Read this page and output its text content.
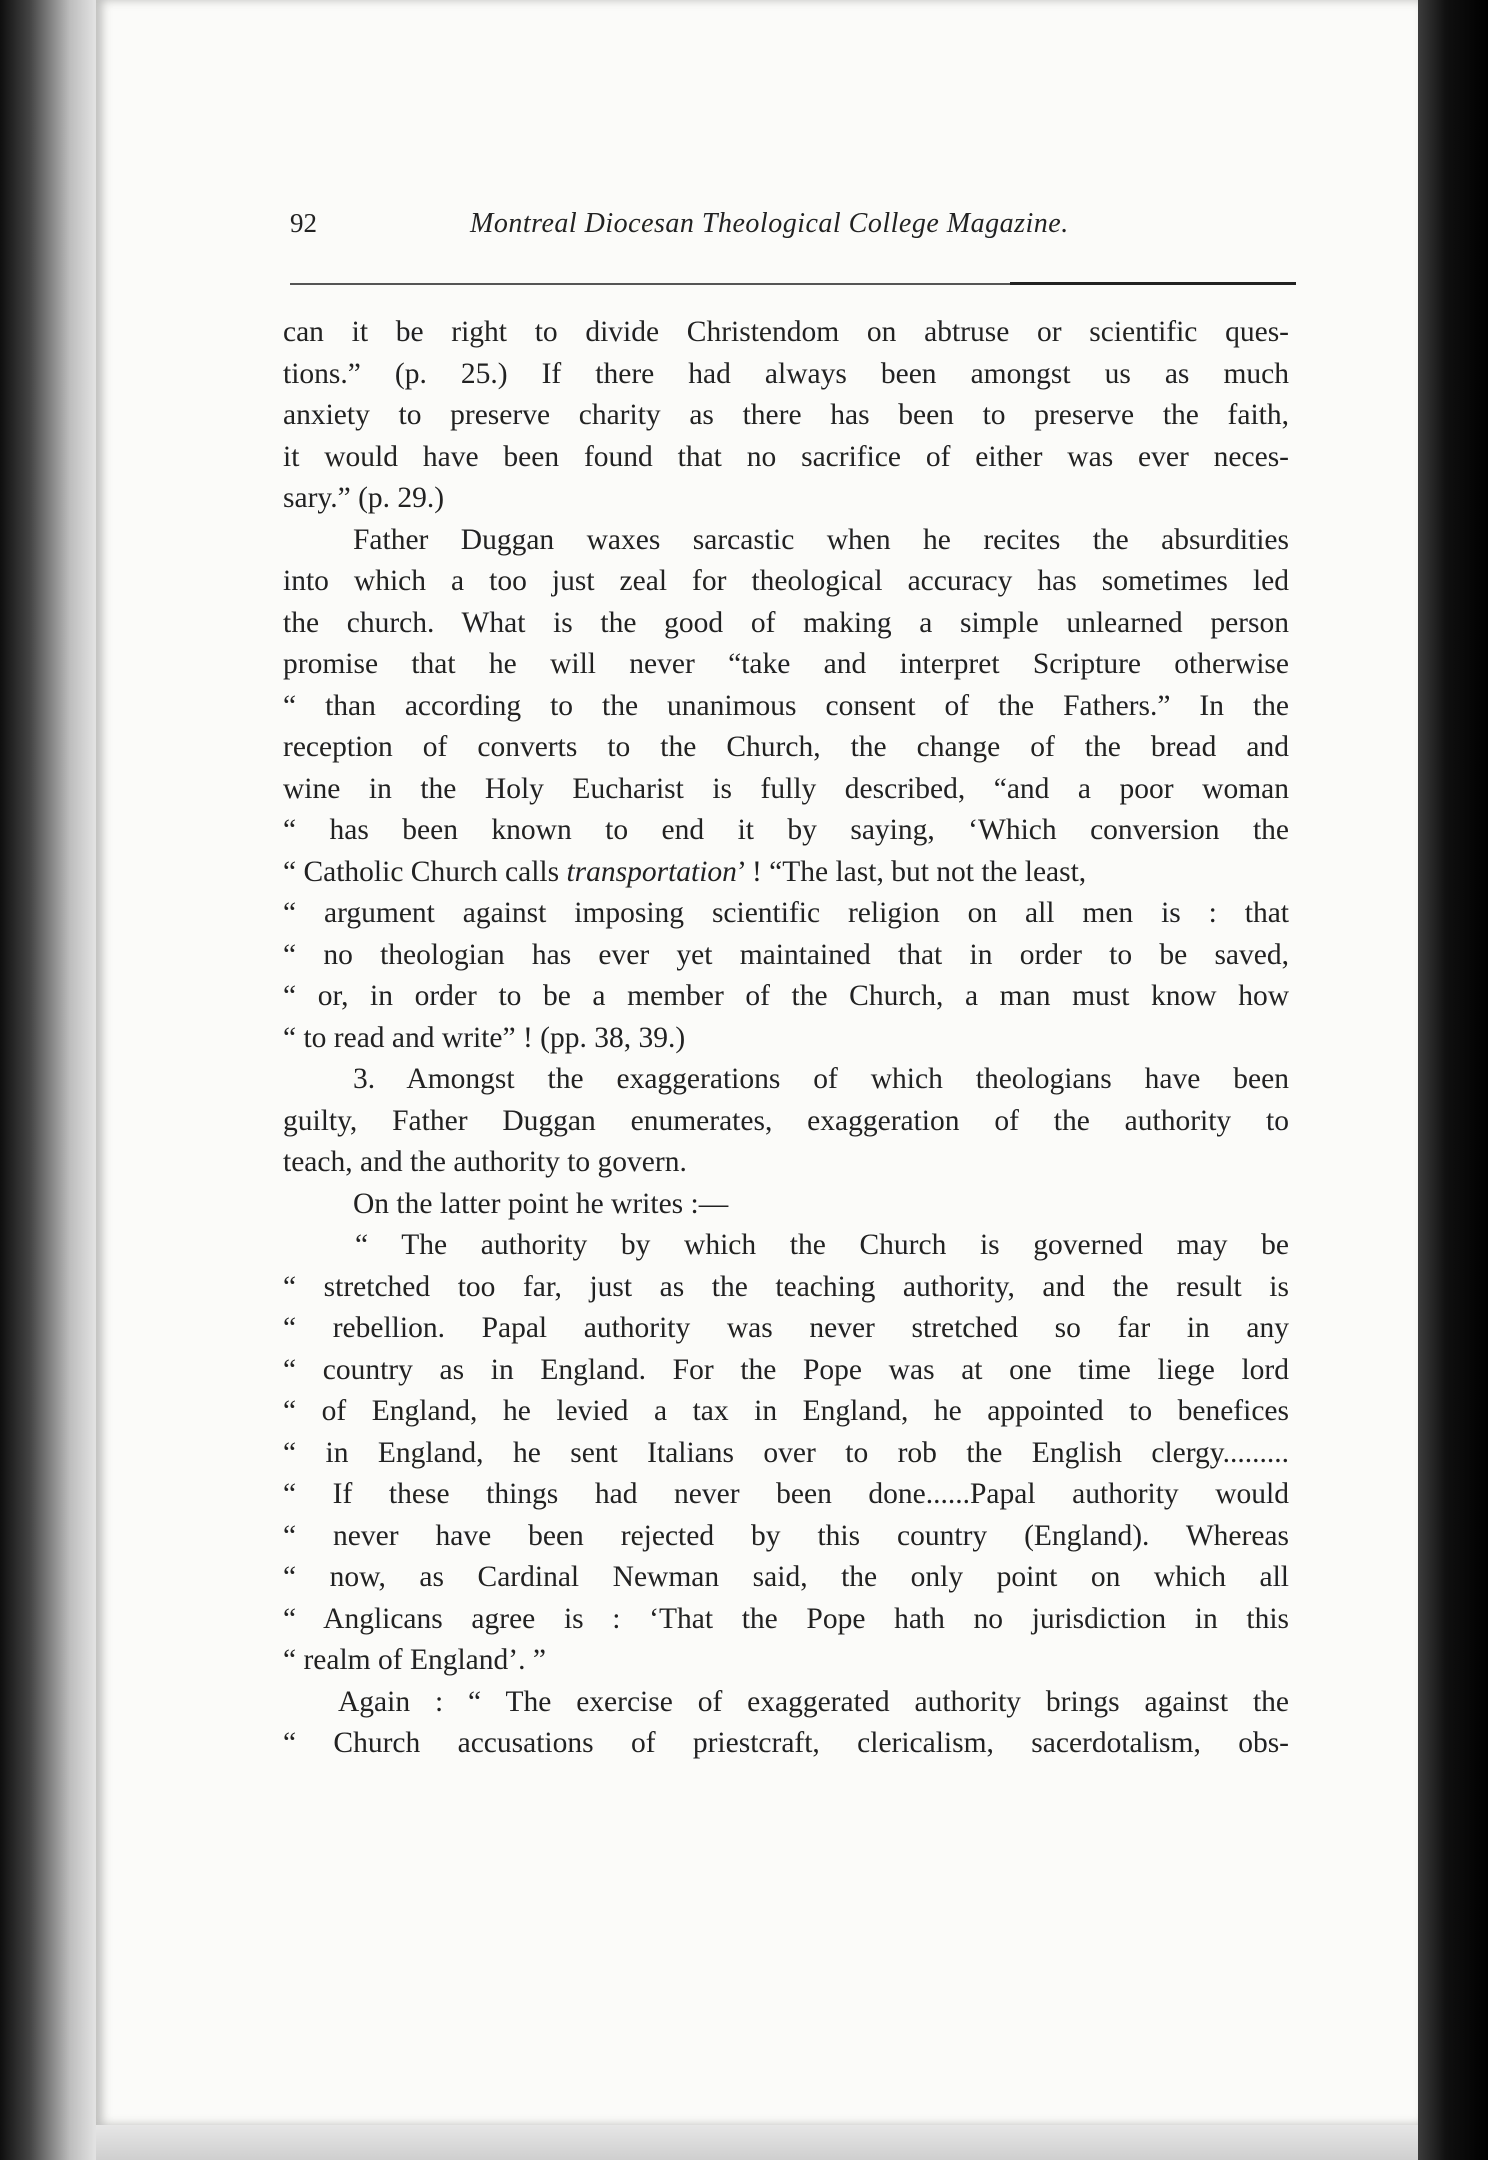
92	Montreal Diocesan Theological College Magazine.

can it be right to divide Christendom on abtruse or scientific ques-
tions.” (p. 25.) If there had always been amongst us as much
anxiety to preserve charity as there has been to preserve the faith,
it would have been found that no sacrifice of either was ever neces-
sary.” (p. 29.)

Father Duggan waxes sarcastic when he recites the absurdities
into which a too just zeal for theological accuracy has sometimes led
the church. What is the good of making a simple unlearned person
promise that he will never “take and interpret Scripture otherwise
“ than according to the unanimous consent of the Fathers.” In the
reception of converts to the Church, the change of the bread and
wine in the Holy Eucharist is fully described, “and a poor woman
“ has been known to end it by saying, ‘Which conversion the
“ Catholic Church calls transportation’ ! “The last, but not the least,
“ argument against imposing scientific religion on all men is : that
“ no theologian has ever yet maintained that in order to be saved,
“ or, in order to be a member of the Church, a man must know how
“ to read and write” ! (pp. 38, 39.)

3. Amongst the exaggerations of which theologians have been
guilty, Father Duggan enumerates, exaggeration of the authority to
teach, and the authority to govern.

On the latter point he writes :—

“ The authority by which the Church is governed may be
“ stretched too far, just as the teaching authority, and the result is
“ rebellion. Papal authority was never stretched so far in any
“ country as in England. For the Pope was at one time liege lord
“ of England, he levied a tax in England, he appointed to benefices
“ in England, he sent Italians over to rob the English clergy.........
“ If these things had never been done......Papal authority would
“ never have been rejected by this country (England). Whereas
“ now, as Cardinal Newman said, the only point on which all
“ Anglicans agree is : ‘That the Pope hath no jurisdiction in this
“ realm of England’. ”

Again : “ The exercise of exaggerated authority brings against the
“ Church accusations of priestcraft, clericalism, sacerdotalism, obs-
